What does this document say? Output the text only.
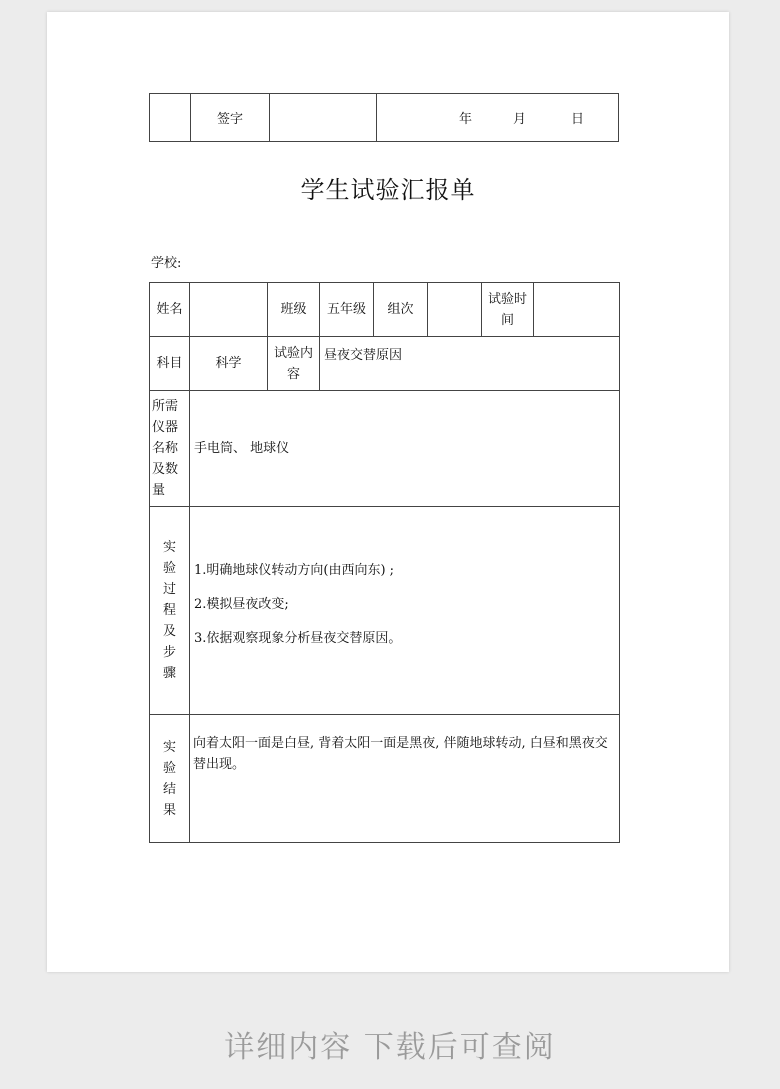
	签字		年	月	日
学生试验汇报单
学校:
姓名		班级	五年级	组次		试验时间	
科目	科学	试验内容	昼夜交替原因				
所需仪器名称及数量	手电筒、 地球仪						
实验过程及步骤	1.明确地球仪转动方向(由西向东) ;

2.模拟昼夜改变;

3.依据观察现象分析昼夜交替原因。						

实验结果	向着太阳一面是白昼, 背着太阳一面是黑夜, 伴随地球转动, 白昼和黑夜交替出现。						
详细内容 下载后可查阅
